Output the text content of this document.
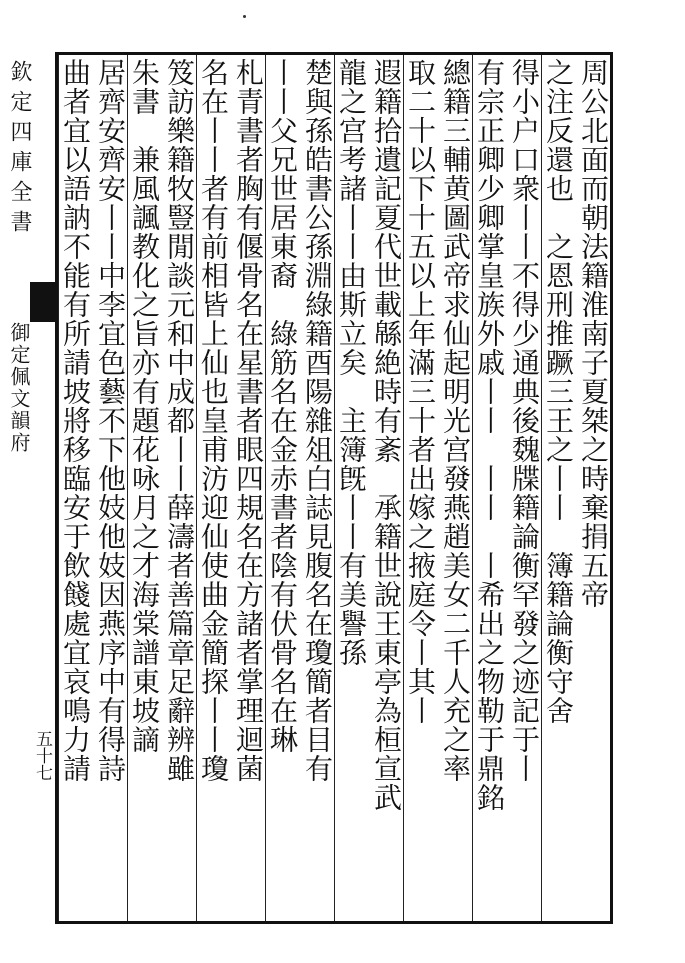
欽定四庫全書
御定佩文韻府
五十七
周公北面而朝法籍淮南子夏桀之時棄捐五帝
之注反還也　之恩刑推蹶三王之丨丨　簿籍論衡守舍
得小户口衆丨丨不得少通典後魏牒籍論衡罕發之迹記于丨
有宗正卿少卿掌皇族外戚丨丨　丨丨　丨希出之物勒于鼎銘
總籍三輔黄圖武帝求仙起明光宫發燕趙美女二千人充之率
取二十以下十五以上年滿三十者出嫁之掖庭令丨其丨
遐籍拾遺記夏代世載緜絶時有紊　承籍世說王東亭為桓宣武
龍之宫考諸丨丨由斯立矣　主簿旣丨丨有美譽孫
楚與孫皓書公孫淵綠籍酉陽雜俎白誌見腹名在瓊簡者目有
丨丨父兄世居東裔　綠筋名在金赤書者陰有伏骨名在琳
札青書者胸有偃骨名在星書者眼四規名在方諸者掌理迴菌
名在丨丨者有前相皆上仙也皇甫汸迎仙使曲金簡探丨丨瓊
笈訪樂籍牧豎閒談元和中成都丨丨薛濤者善篇章足辭辨雖
朱書　兼風諷教化之旨亦有題花咏月之才海棠譜東坡謫
居齊安齊安丨丨中李宜色藝不下他妓他妓因燕序中有得詩
曲者宜以語訥不能有所請坡將移臨安于飲餞處宜哀鳴力請
